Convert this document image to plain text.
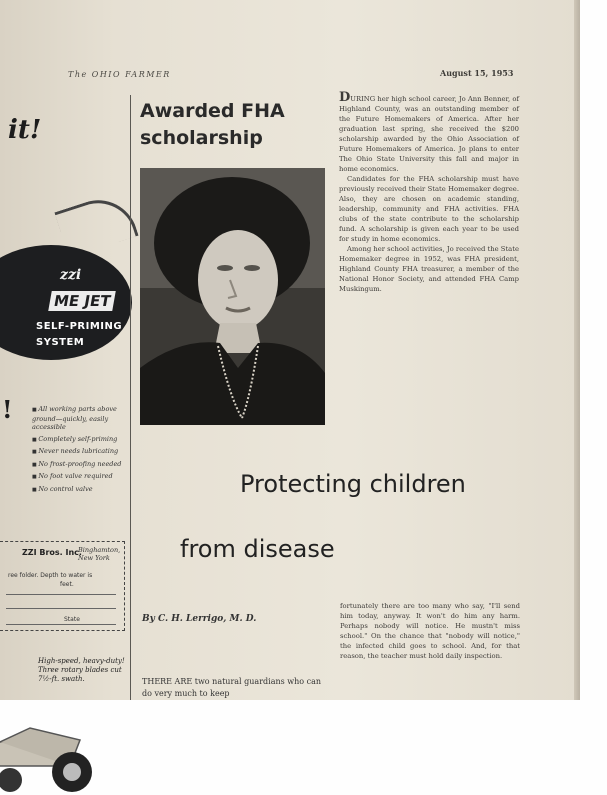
The OHIO FARMER	August 15, 1953
it!
zzi
ME JET
SELF-PRIMING
SYSTEM
!
■	All working parts above ground—quickly, easily accessible
■ Completely self-priming
■ Never needs lubricating
■ No frost-proofing needed
■ No foot valve required
■ No control valve
ZZI Bros. Inc.
Binghamton, New York
ree folder. Depth to water is
feet.
State
High-speed, heavy-duty! Three rotary blades cut 7½-ft. swath.
Awarded FHA scholarship

DURING her high school career, Jo Ann Benner, of Highland County, was an outstanding member of the Future Homemakers of America. After her graduation last spring, she received the $200 scholarship awarded by the Ohio Association of Future Homemakers of America. Jo plans to enter The Ohio State University this fall and major in home economics.

Candidates for the FHA scholarship must have previously received their State Homemaker degree. Also, they are chosen on academic standing, leadership, community and FHA activities. FHA clubs of the state contribute to the scholarship fund. A scholarship is given each year to be used for study in home economics.

Among her school activities, Jo received the State Homemaker degree in 1952, was FHA president, Highland County FHA treasurer, a member of the National Honor Society, and attended FHA Camp Muskingum.

Protecting children
from disease
By C. H. Lerrigo, M. D.
THERE ARE two natural guardians who can do very much to keep
fortunately there are too many who say, "I'll send him today, anyway. It won't do him any harm. Perhaps nobody will notice. He mustn't miss school." On the chance that "nobody will notice," the infected child goes to school. And, for that reason, the teacher must hold daily inspection.
